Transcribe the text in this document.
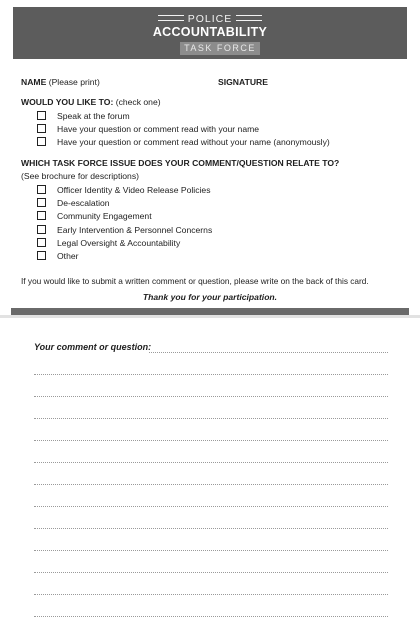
POLICE
ACCOUNTABILITY
TASK FORCE
NAME (Please print)	SIGNATURE
WOULD YOU LIKE TO: (check one)
Speak at the forum
Have your question or comment read with your name
Have your question or comment read without your name (anonymously)
WHICH TASK FORCE ISSUE DOES YOUR COMMENT/QUESTION RELATE TO?
(See brochure for descriptions)
Officer Identity & Video Release Policies
De-escalation
Community Engagement
Early Intervention & Personnel Concerns
Legal Oversight & Accountability
Other
If you would like to submit a written comment or question, please write on the back of this card.
Thank you for your participation.
Your comment or question:
